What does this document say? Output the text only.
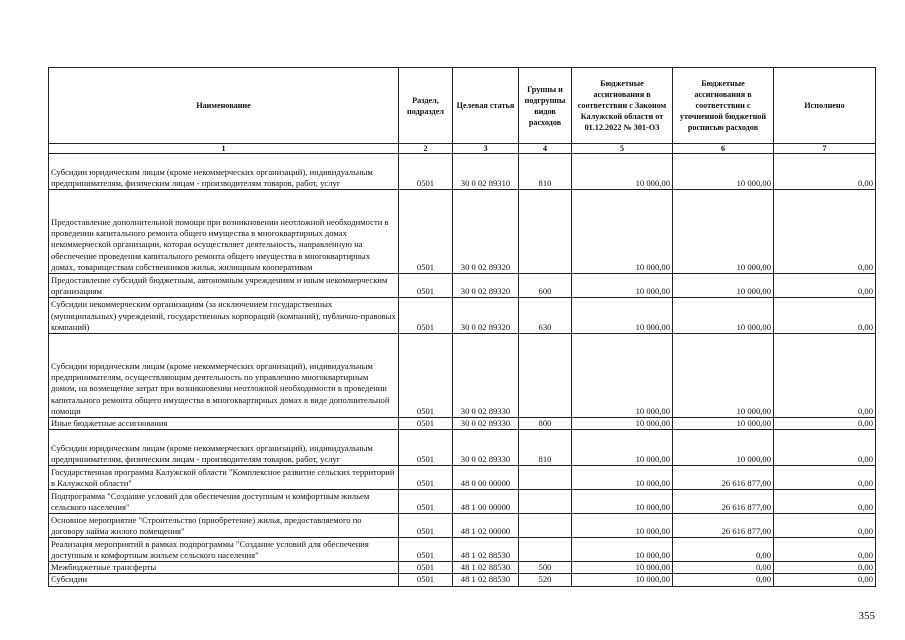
Наименование	Раздел, подраздел	Целевая статья	Группы и подгруппы видов расходов	Бюджетные ассигнования в соответствии с Законом Калужской области от 01.12.2022 № 301-ОЗ	Бюджетные ассигнования в соответствии с уточненной бюджетной росписью расходов	Исполнено
1	2	3	4	5	6	7
Субсидии юридическим лицам (кроме некоммерческих организаций), индивидуальным предпринимателям, физическим лицам - производителям товаров, работ, услуг	0501	30 0 02 89310	810	10 000,00	10 000,00	0,00
Предоставление дополнительной помощи при возникновении неотложной необходимости в проведении капитального ремонта общего имущества в многоквартирных домах некоммерческой организации, которая осуществляет деятельность, направленную на обеспечение проведения капитального ремонта общего имущества в многоквартирных домах, товариществам собственников жилья, жилищным кооперативам	0501	30 0 02 89320		10 000,00	10 000,00	0,00
Предоставление субсидий бюджетным, автономным учреждениям и иным некоммерческим организациям	0501	30 0 02 89320	600	10 000,00	10 000,00	0,00
Субсидии некоммерческим организациям (за исключением государственных (муниципальных) учреждений, государственных корпораций (компаний), публично-правовых компаний)	0501	30 0 02 89320	630	10 000,00	10 000,00	0,00
Субсидии юридическим лицам (кроме некоммерческих организаций), индивидуальным предпринимателям, осуществляющим деятельность по управлению многоквартирным домом, на возмещение затрат при возникновении неотложной необходимости в проведении капитального ремонта общего имущества в многоквартирных домах в виде дополнительной помощи	0501	30 0 02 89330		10 000,00	10 000,00	0,00
Иные бюджетные ассигнования	0501	30 0 02 89330	800	10 000,00	10 000,00	0,00
Субсидии юридическим лицам (кроме некоммерческих организаций), индивидуальным предпринимателям, физическим лицам - производителям товаров, работ, услуг	0501	30 0 02 89330	810	10 000,00	10 000,00	0,00
Государственная программа Калужской области "Комплексное развитие сельских территорий в Калужской области"	0501	48 0 00 00000		10 000,00	26 616 877,00	0,00
Подпрограмма "Создание условий для обеспечения доступным и комфортным жильем сельского населения"	0501	48 1 00 00000		10 000,00	26 616 877,00	0,00
Основное мероприятие "Строительство (приобретение) жилья, предоставляемого по договору найма жилого помещения"	0501	48 1 02 00000		10 000,00	26 616 877,00	0,00
Реализация мероприятий в рамках подпрограммы "Создание условий для обеспечения доступным и комфортным жильем сельского населения"	0501	48 1 02 88530		10 000,00	0,00	0,00
Межбюджетные трансферты	0501	48 1 02 88530	500	10 000,00	0,00	0,00
Субсидии	0501	48 1 02 88530	520	10 000,00	0,00	0,00
355
